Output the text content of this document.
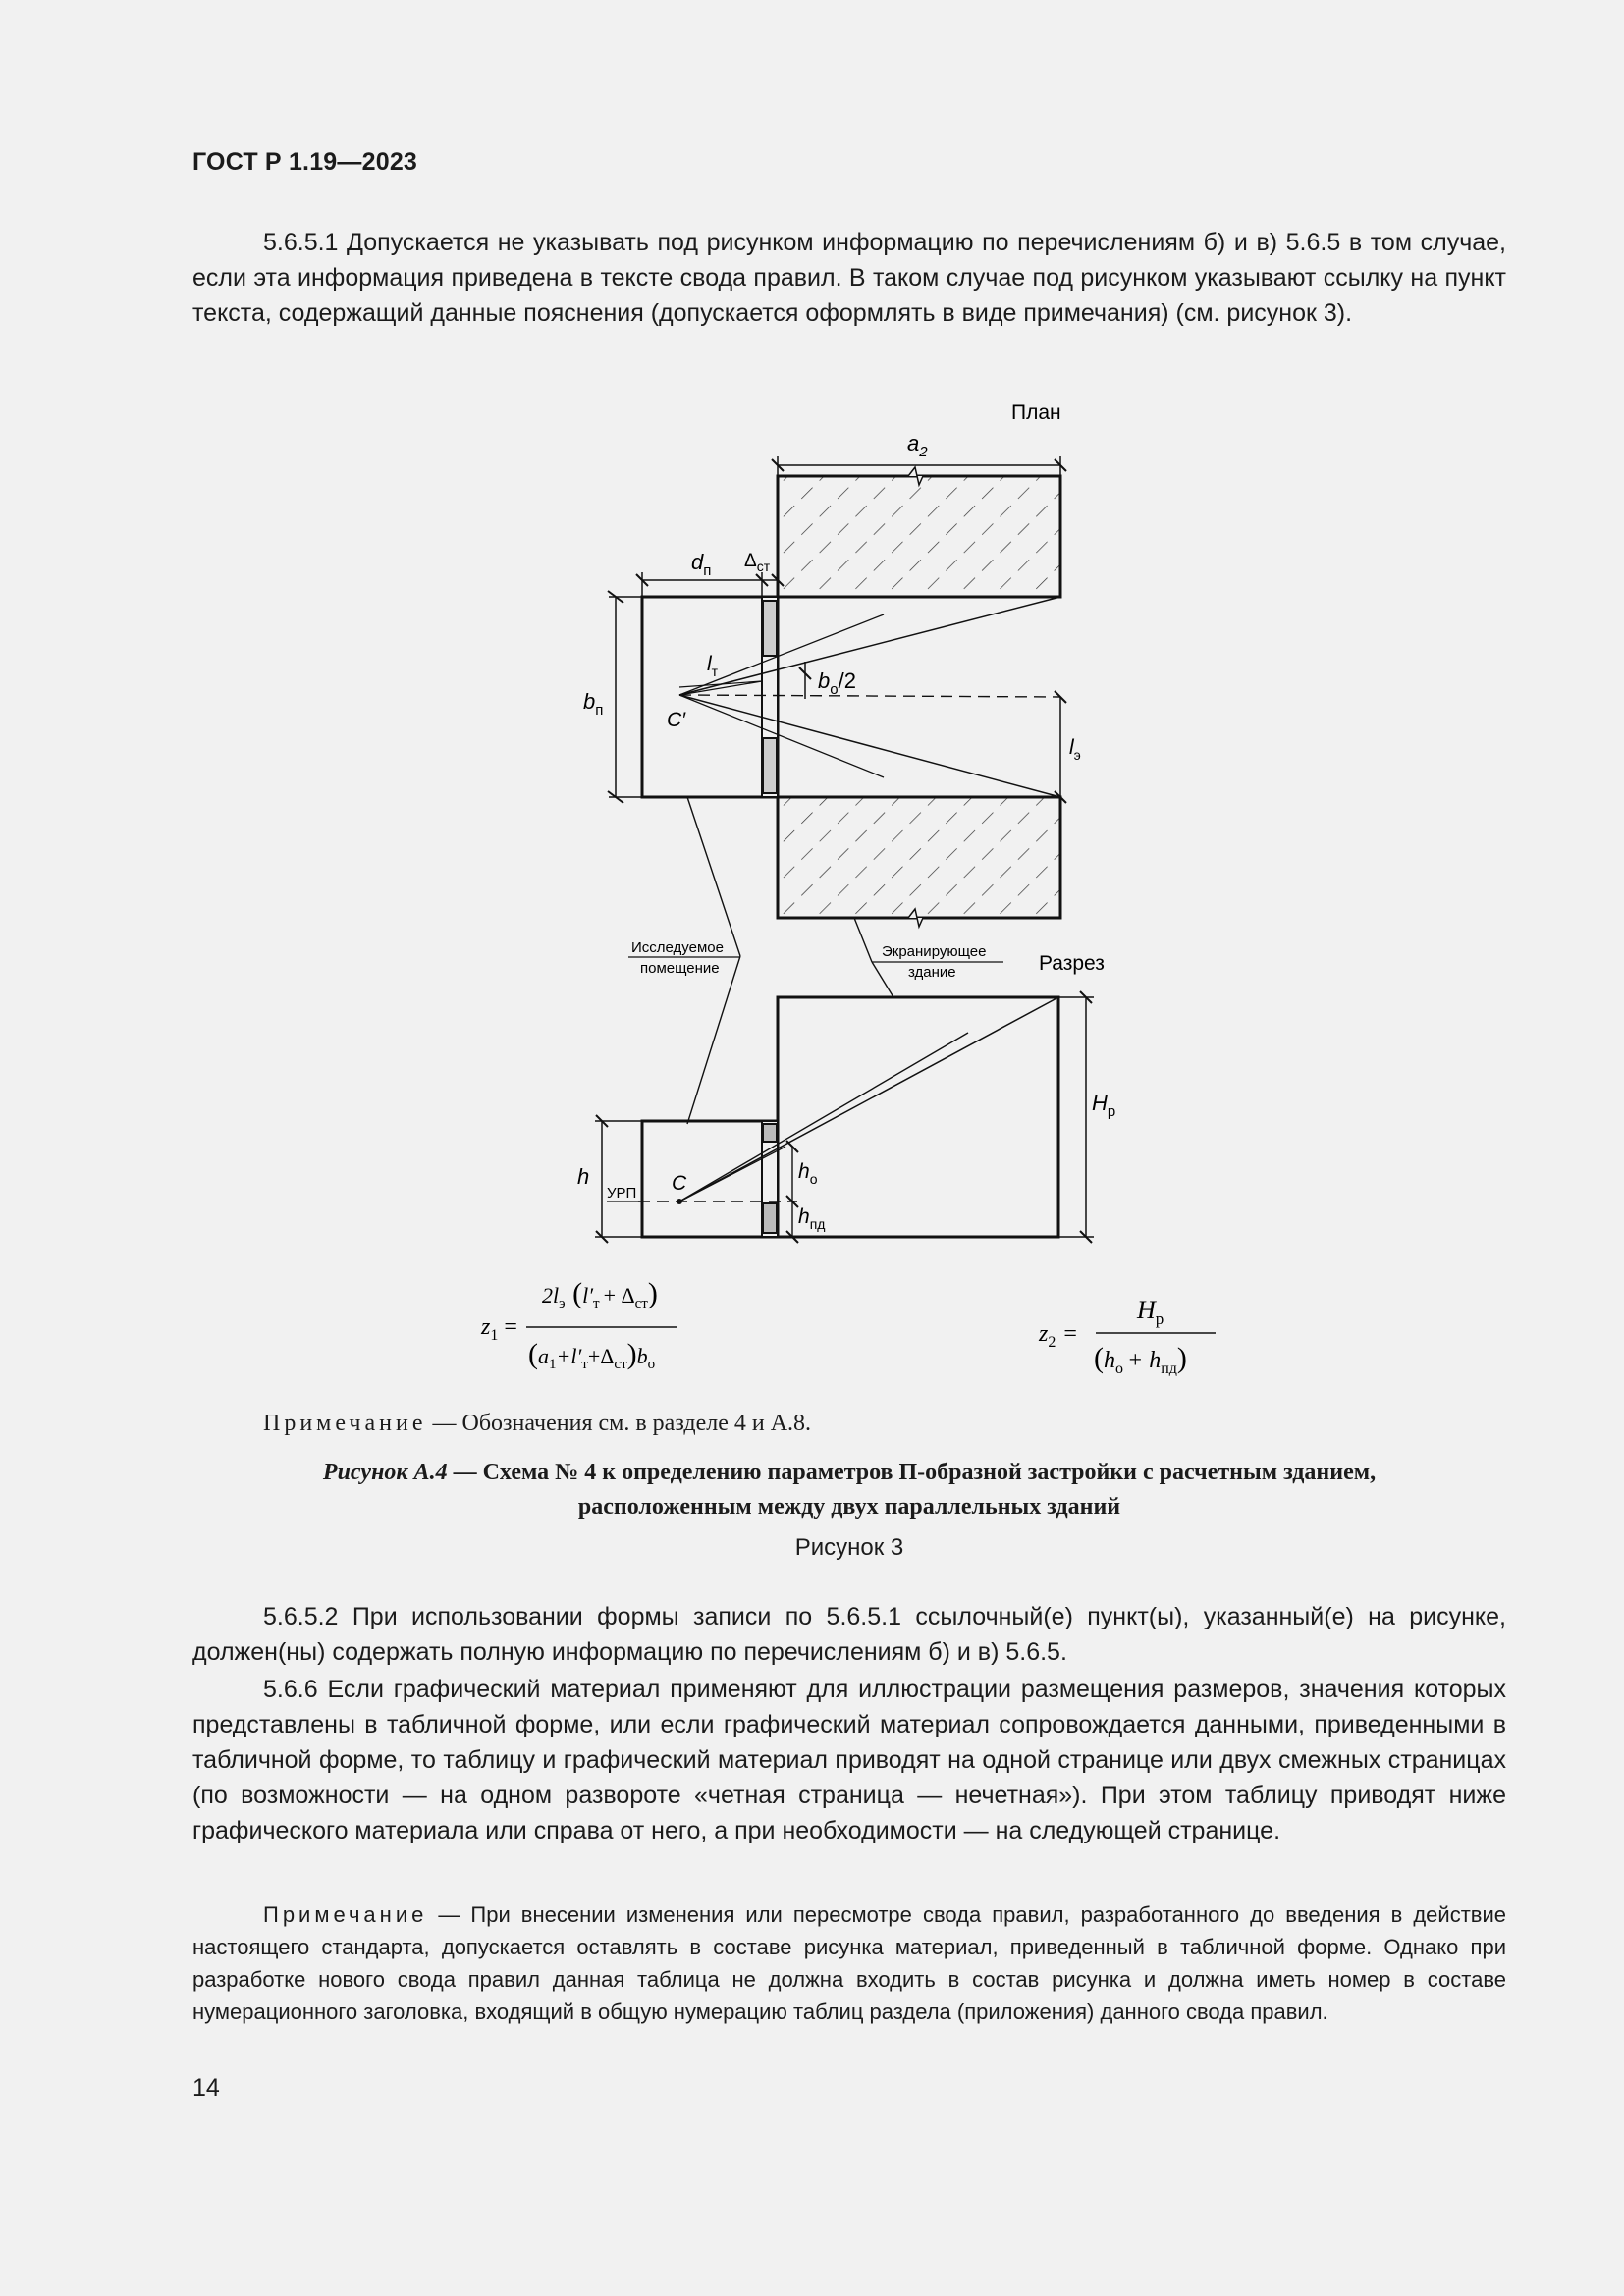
ГОСТ Р 1.19—2023
5.6.5.1 Допускается не указывать под рисунком информацию по перечислениям б) и в) 5.6.5 в том случае, если эта информация приведена в тексте свода правил. В таком случае под рисунком указывают ссылку на пункт текста, содержащий данные пояснения (допускается оформлять в виде примечания) (см. рисунок 3).
План
$a_2$
$d_п$ $\Delta_{ст}$
$b_п$
$l_т$
C′
$b_о/2$
$l_э$
Исследуемое
помещение
Экранирующее
здание	Разрез
$H_р$
h
УРП C
$h_о$
$h_{пд}$
$z_1$ =
$2l_э$ $(l'_т + \Delta_{ст})$
$(a_1+l'_т+\Delta_{ст})b_о$
$z_2$ =
$H_р$
$(h_о + h_{пд})$
Примечание — Обозначения см. в разделе 4 и А.8.
Рисунок А.4 — Схема № 4 к определению параметров П-образной застройки с расчетным зданием,
расположенным между двух параллельных зданий
Рисунок 3
5.6.5.2 При использовании формы записи по 5.6.5.1 ссылочный(е) пункт(ы), указанный(е) на рисунке, должен(ны) содержать полную информацию по перечислениям б) и в) 5.6.5.
5.6.6 Если графический материал применяют для иллюстрации размещения размеров, значения которых представлены в табличной форме, или если графический материал сопровождается данными, приведенными в табличной форме, то таблицу и графический материал приводят на одной странице или двух смежных страницах (по возможности — на одном развороте «четная страница — нечетная»). При этом таблицу приводят ниже графического материала или справа от него, а при необходимости — на следующей странице.
Примечание — При внесении изменения или пересмотре свода правил, разработанного до введения в действие настоящего стандарта, допускается оставлять в составе рисунка материал, приведенный в табличной форме. Однако при разработке нового свода правил данная таблица не должна входить в состав рисунка и должна иметь номер в составе нумерационного заголовка, входящий в общую нумерацию таблиц раздела (приложения) данного свода правил.
14
